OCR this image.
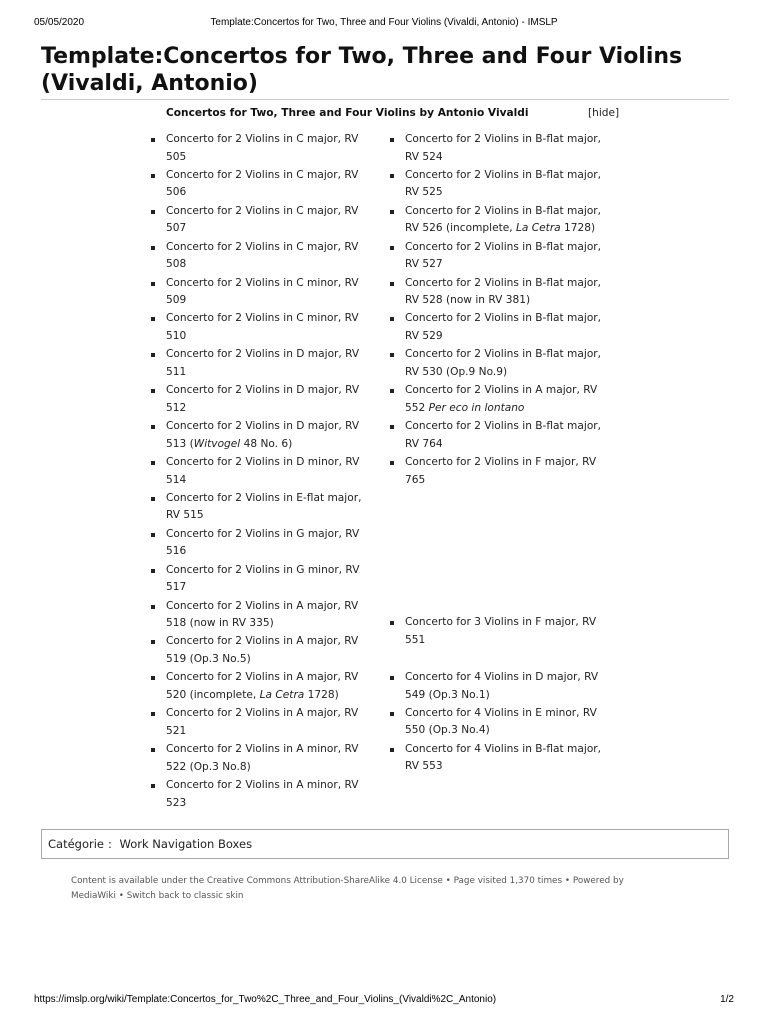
05/05/2020	Template:Concertos for Two, Three and Four Violins (Vivaldi, Antonio) - IMSLP
Template:Concertos for Two, Three and Four Violins (Vivaldi, Antonio)
Concertos for Two, Three and Four Violins by Antonio Vivaldi	[hide]
Concerto for 2 Violins in C major, RV 505
Concerto for 2 Violins in C major, RV 506
Concerto for 2 Violins in C major, RV 507
Concerto for 2 Violins in C major, RV 508
Concerto for 2 Violins in C minor, RV 509
Concerto for 2 Violins in C minor, RV 510
Concerto for 2 Violins in D major, RV 511
Concerto for 2 Violins in D major, RV 512
Concerto for 2 Violins in D major, RV 513 (Witvogel 48 No. 6)
Concerto for 2 Violins in D minor, RV 514
Concerto for 2 Violins in E-flat major, RV 515
Concerto for 2 Violins in G major, RV 516
Concerto for 2 Violins in G minor, RV 517
Concerto for 2 Violins in A major, RV 518 (now in RV 335)
Concerto for 2 Violins in A major, RV 519 (Op.3 No.5)
Concerto for 2 Violins in A major, RV 520 (incomplete, La Cetra 1728)
Concerto for 2 Violins in A major, RV 521
Concerto for 2 Violins in A minor, RV 522 (Op.3 No.8)
Concerto for 2 Violins in A minor, RV 523
Concerto for 2 Violins in B-flat major, RV 524
Concerto for 2 Violins in B-flat major, RV 525
Concerto for 2 Violins in B-flat major, RV 526 (incomplete, La Cetra 1728)
Concerto for 2 Violins in B-flat major, RV 527
Concerto for 2 Violins in B-flat major, RV 528 (now in RV 381)
Concerto for 2 Violins in B-flat major, RV 529
Concerto for 2 Violins in B-flat major, RV 530 (Op.9 No.9)
Concerto for 2 Violins in A major, RV 552 Per eco in lontano
Concerto for 2 Violins in B-flat major, RV 764
Concerto for 2 Violins in F major, RV 765
Concerto for 3 Violins in F major, RV 551
Concerto for 4 Violins in D major, RV 549 (Op.3 No.1)
Concerto for 4 Violins in E minor, RV 550 (Op.3 No.4)
Concerto for 4 Violins in B-flat major, RV 553
Catégorie : Work Navigation Boxes
Content is available under the Creative Commons Attribution-ShareAlike 4.0 License • Page visited 1,370 times • Powered by MediaWiki • Switch back to classic skin
https://imslp.org/wiki/Template:Concertos_for_Two%2C_Three_and_Four_Violins_(Vivaldi%2C_Antonio)	1/2
